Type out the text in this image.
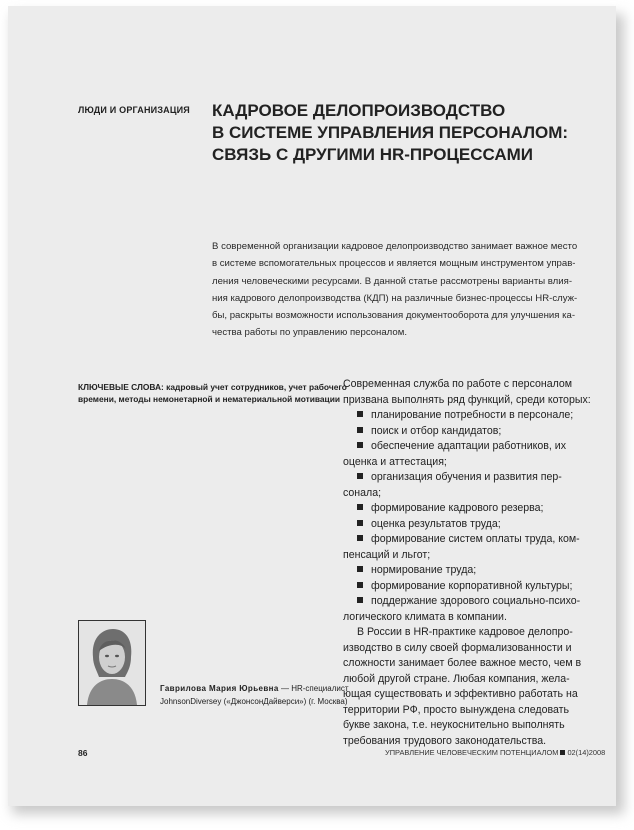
ЛЮДИ И ОРГАНИЗАЦИЯ КАДРОВОЕ ДЕЛОПРОИЗВОДСТВО
В СИСТЕМЕ УПРАВЛЕНИЯ ПЕРСОНАЛОМ:
СВЯЗЬ С ДРУГИМИ HR-ПРОЦЕССАМИ
В современной организации кадровое делопроизводство занимает важное место
в системе вспомогательных процессов и является мощным инструментом управ-
ления человеческими ресурсами. В данной статье рассмотрены варианты влия-
ния кадрового делопроизводства (КДП) на различные бизнес-процессы HR-служ-
бы, раскрыты возможности использования документооборота для улучшения ка-
чества работы по управлению персоналом.
КЛЮЧЕВЫЕ СЛОВА: кадровый учет сотрудников, учет рабочего
времени, методы немонетарной и нематериальной мотивации
Современная служба по работе с персоналом
призвана выполнять ряд функций, среди которых:
планирование потребности в персонале;
поиск и отбор кандидатов;
обеспечение адаптации работников, их
оценка и аттестация;
организация обучения и развития пер-
сонала;
формирование кадрового резерва;
оценка результатов труда;
формирование систем оплаты труда, ком-
пенсаций и льгот;
нормирование труда;
формирование корпоративной культуры;
поддержание здорового социально-психо-
логического климата в компании.
В России в HR-практике кадровое делопро-
изводство в силу своей формализованности и
сложности занимает более важное место, чем в
любой другой стране. Любая компания, жела-
ющая существовать и эффективно работать на
территории РФ, просто вынуждена следовать
букве закона, т.е. неукоснительно выполнять
требования трудового законодательства.
Гаврилова Мария Юрьевна — HR-специалист
JohnsonDiversey («ДжонсонДайверси») (г. Москва)
86	УПРАВЛЕНИЕ ЧЕЛОВЕЧЕСКИМ ПОТЕНЦИАЛОМ 02(14)2008
